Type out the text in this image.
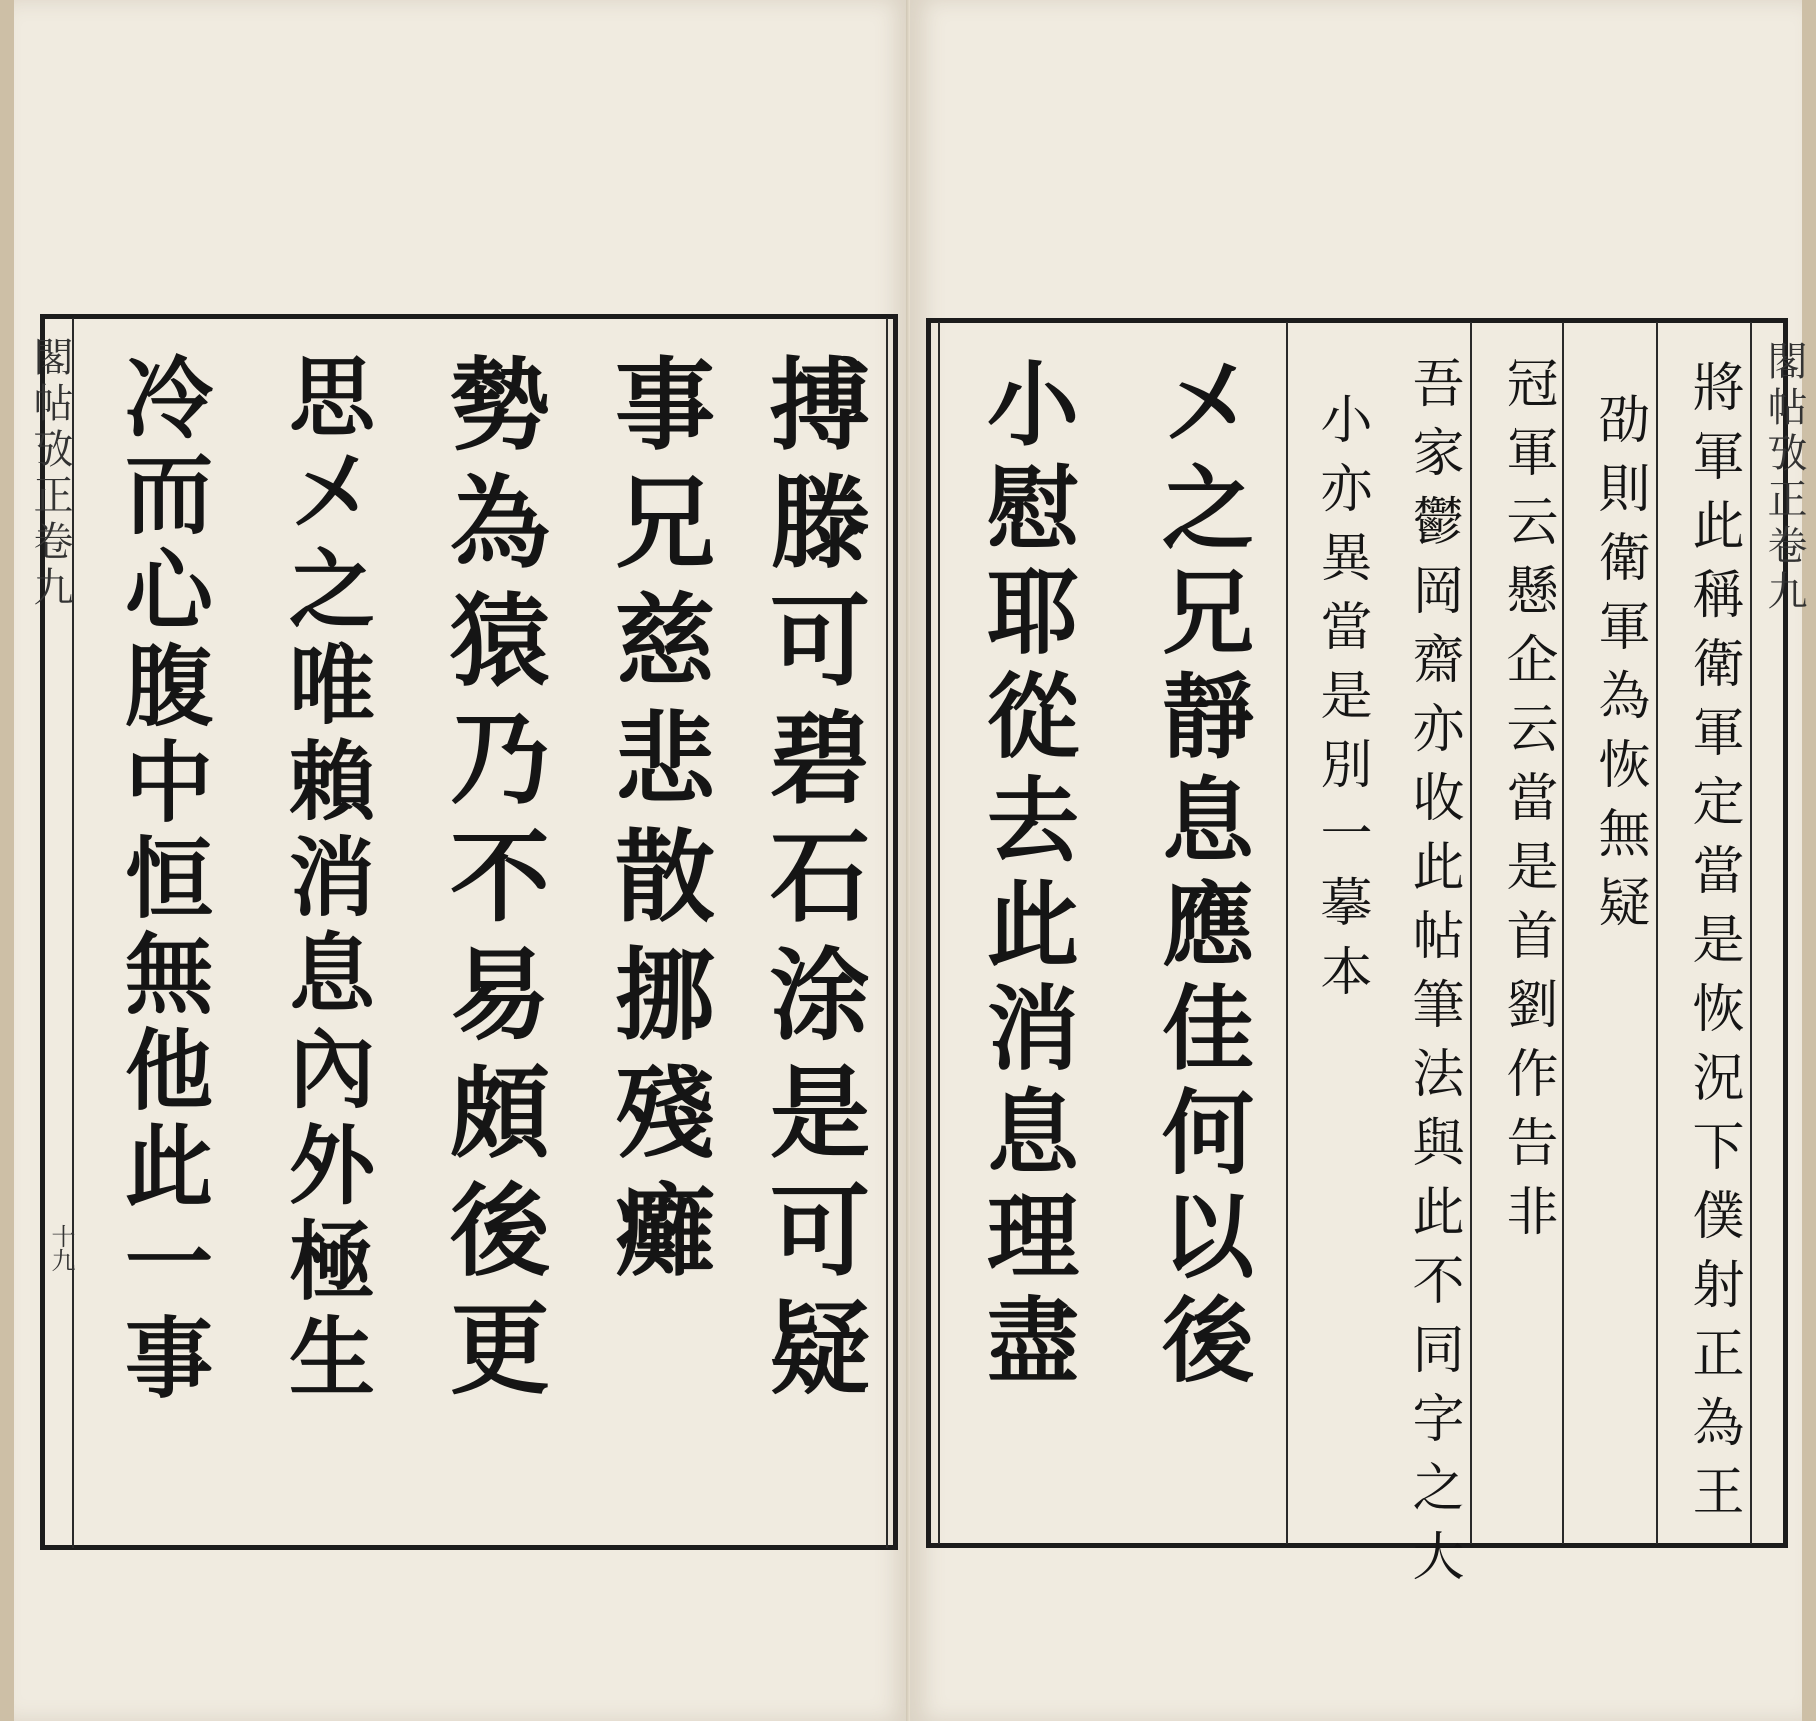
閣帖攷正卷九
十九	搏滕可碧石涂是可疑
事兄慈悲散挪殘癱
勢為猿乃不易頗後更
思㐅之唯賴消息內外極生
冷而心腹中恒無他此一事	閣帖攷正卷九
㐅之兄靜息應佳何以後
小慰耶從去此消息理盡	將軍此稱衛軍定當是恢況下僕射正為王
劭則衛軍為恢無疑
冠軍云懸企云當是首劉作告非
吾家鬱岡齋亦收此帖筆法與此不同字之大
小亦異當是別一摹本
